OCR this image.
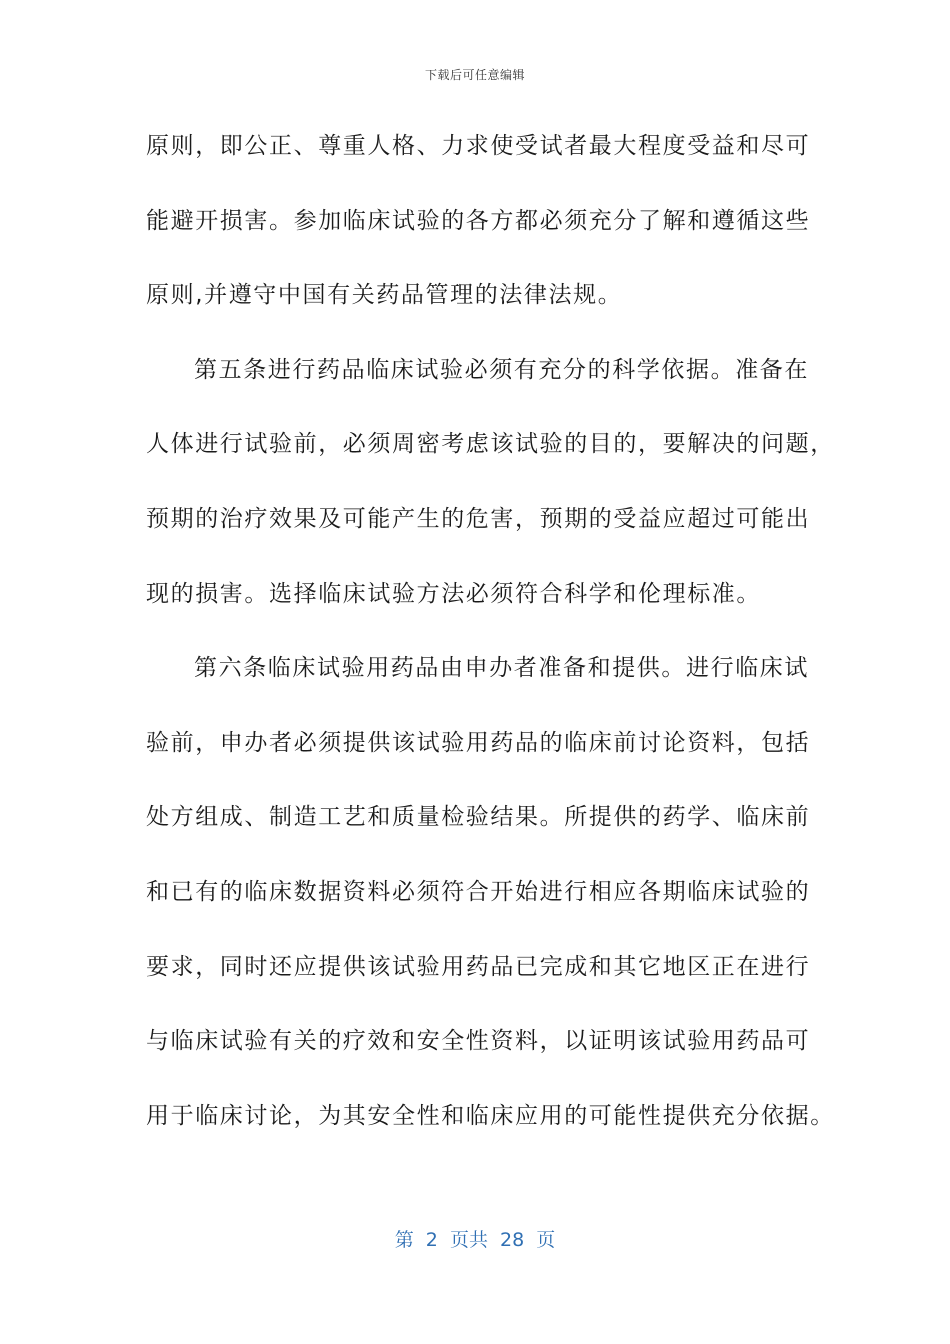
下载后可任意编辑
原则，即公正、尊重人格、力求使受试者最大程度受益和尽可
能避开损害。参加临床试验的各方都必须充分了解和遵循这些
原则,并遵守中国有关药品管理的法律法规。
第五条进行药品临床试验必须有充分的科学依据。准备在
人体进行试验前，必须周密考虑该试验的目的，要解决的问题，
预期的治疗效果及可能产生的危害，预期的受益应超过可能出
现的损害。选择临床试验方法必须符合科学和伦理标准。
第六条临床试验用药品由申办者准备和提供。进行临床试
验前，申办者必须提供该试验用药品的临床前讨论资料，包括
处方组成、制造工艺和质量检验结果。所提供的药学、临床前
和已有的临床数据资料必须符合开始进行相应各期临床试验的
要求，同时还应提供该试验用药品已完成和其它地区正在进行
与临床试验有关的疗效和安全性资料，以证明该试验用药品可
用于临床讨论，为其安全性和临床应用的可能性提供充分依据。
第  2  页共  28  页
